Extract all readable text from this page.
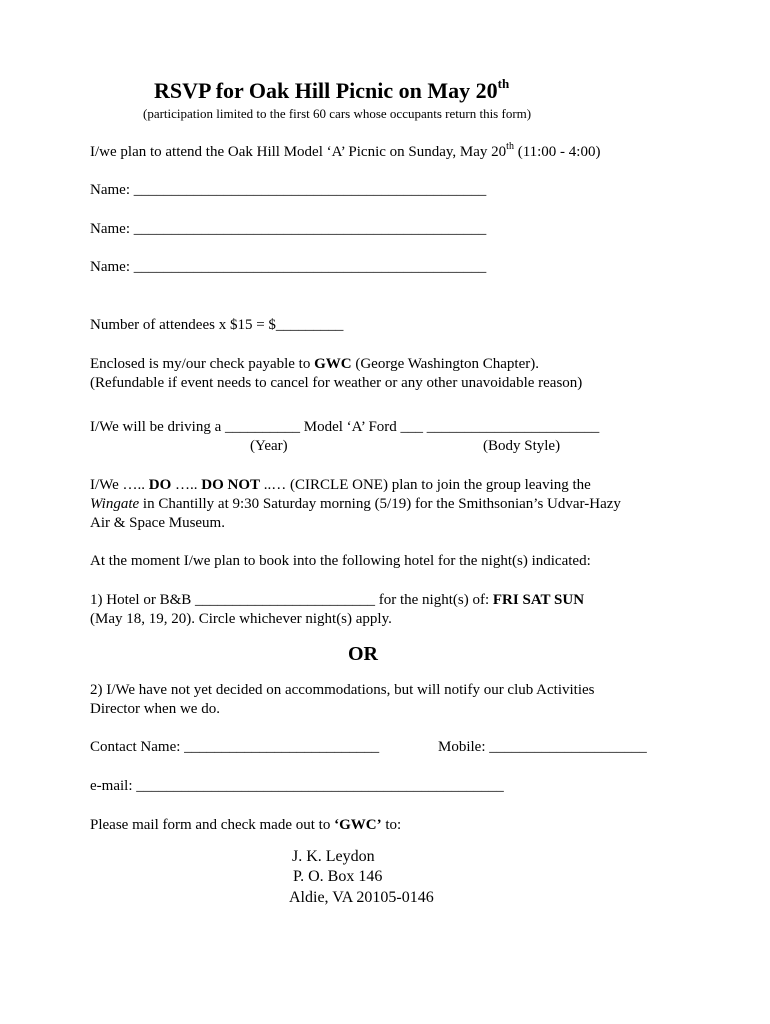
RSVP for Oak Hill Picnic on May 20th
(participation limited to the first 60 cars whose occupants return this form)
I/we plan to attend the Oak Hill Model ‘A’ Picnic on Sunday, May 20th (11:00 - 4:00)
Name: _______________________________________________
Name: _______________________________________________
Name: _______________________________________________
Number of attendees x $15 = $_________
Enclosed is my/our check payable to GWC (George Washington Chapter).
(Refundable if event needs to cancel for weather or any other unavoidable reason)
I/We will be driving a __________ Model ‘A’ Ford ___ _______________________
(Year)	(Body Style)
I/We ….. DO ….. DO NOT ..… (CIRCLE ONE) plan to join the group leaving the
Wingate in Chantilly at 9:30 Saturday morning (5/19) for the Smithsonian’s Udvar-Hazy
Air & Space Museum.
At the moment I/we plan to book into the following hotel for the night(s) indicated:
1) Hotel or B&B ________________________ for the night(s) of: FRI SAT SUN
(May 18, 19, 20). Circle whichever night(s) apply.
OR
2) I/We have not yet decided on accommodations, but will notify our club Activities
Director when we do.
Contact Name: __________________________	Mobile: _____________________
e-mail: _________________________________________________
Please mail form and check made out to ‘GWC’ to:
J. K. Leydon
P. O. Box 146
Aldie, VA 20105-0146
